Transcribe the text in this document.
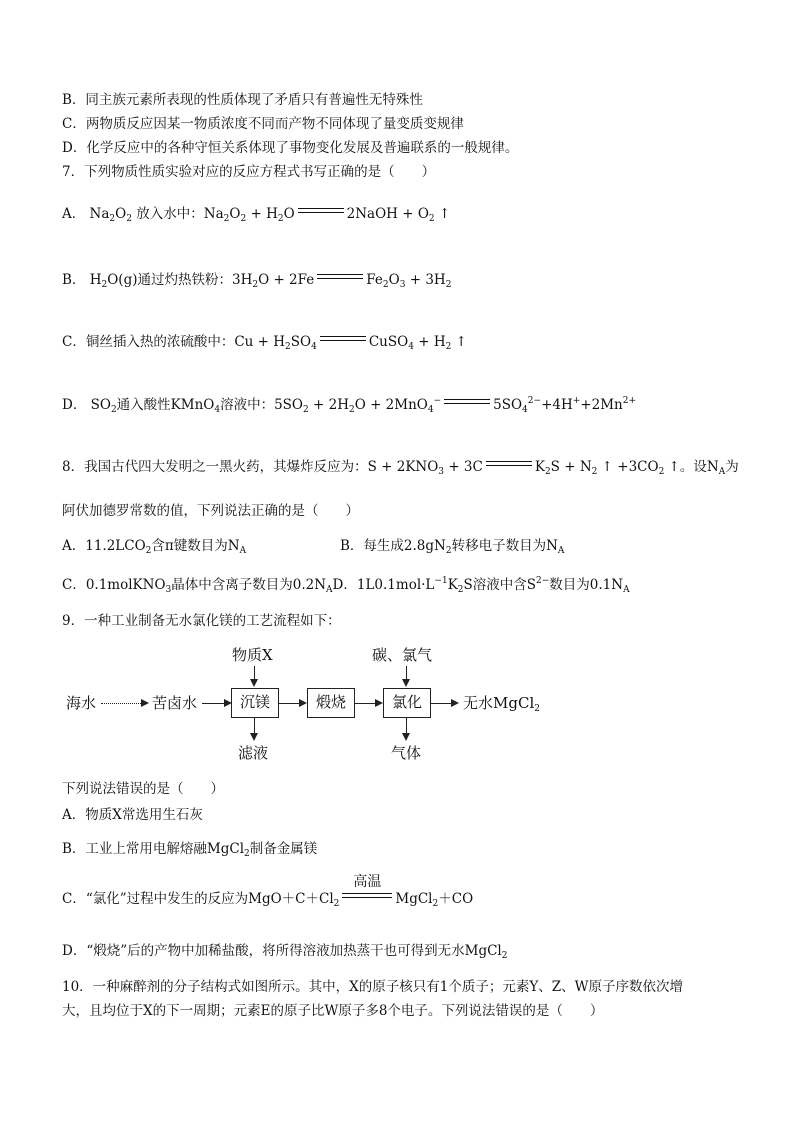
B．同主族元素所表现的性质体现了矛盾只有普遍性无特殊性
C．两物质反应因某一物质浓度不同而产物不同体现了量变质变规律
D．化学反应中的各种守恒关系体现了事物变化发展及普遍联系的一般规律。
7．下列物质性质实验对应的反应方程式书写正确的是（　　）
A． $Na_2O_2$ 放入水中：$Na_2O_2 + H_2O$	2NaOH + $O_2$ ↑
B． $H_2O(g)$通过灼热铁粉：$3H_2O + 2Fe$	$Fe_2O_3 + 3H_2$
C．铜丝插入热的浓硫酸中：$Cu + H_2SO_4$	CuSO$_4$ + $H_2$ ↑
D． $SO_2$通入酸性KMnO$_4$溶液中：$5SO_2 + 2H_2O + 2MnO_4^-$	$5SO_4^{2-}+4H^++2Mn^{2+}$
8．我国古代四大发明之一黑火药，其爆炸反应为：$S + 2KNO_3 + 3C$	$K_2S + N_2$ ↑ $+3CO_2$ ↑。设$N_A$为
阿伏加德罗常数的值，下列说法正确的是（　　）
A．$11.2LCO_2$含π键数目为$N_A$	B．每生成$2.8gN_2$转移电子数目为$N_A$
C．0.1molKNO$_3$晶体中含离子数目为$0.2N_AD$．$1L0.1mol\cdot L^{-1}K_2S$溶液中含$S^{2-}$数目为$0.1N_A$
9．一种工业制备无水氯化镁的工艺流程如下：
海水	苦卤水	沉镁	煅烧	氯化	无水MgCl$_2$
物质X	碳、氯气
滤液	气体
下列说法错误的是（　　）
A．物质X常选用生石灰
B．工业上常用电解熔融MgCl$_2$制备金属镁
C．“氯化”过程中发生的反应为$MgO+C+Cl_2$
高温
MgCl$_2$＋CO
D．“煅烧”后的产物中加稀盐酸，将所得溶液加热蒸干也可得到无水MgCl$_2$
10．一种麻醉剂的分子结构式如图所示。其中，X的原子核只有1个质子；元素Y、Z、W原子序数依次增
大，且均位于X的下一周期；元素E的原子比W原子多8个电子。下列说法错误的是（　　）
